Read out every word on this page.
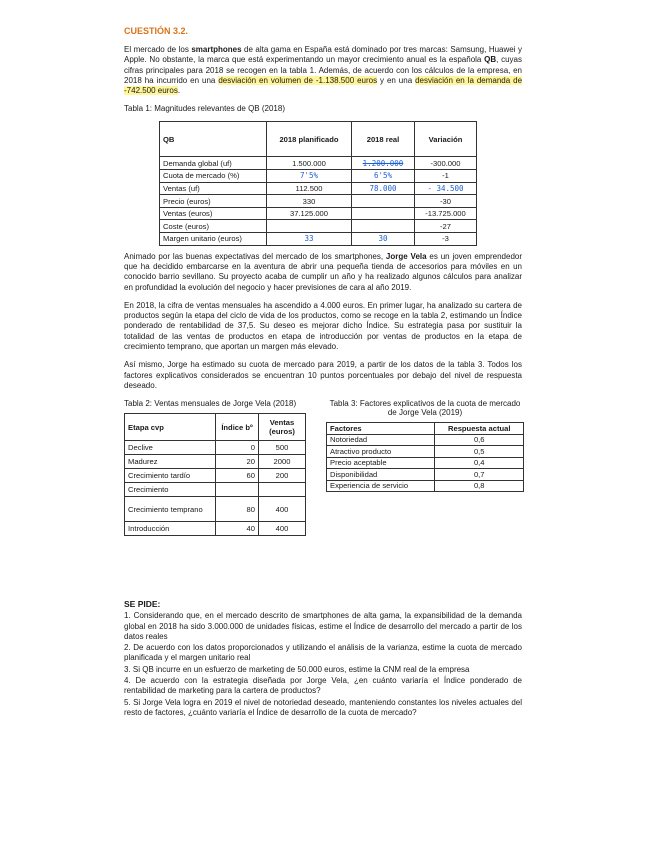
CUESTIÓN 3.2.

El mercado de los smartphones de alta gama en España está dominado por tres marcas: Samsung, Huawei y Apple. No obstante, la marca que está experimentando un mayor crecimiento anual es la española QB, cuyas cifras principales para 2018 se recogen en la tabla 1. Además, de acuerdo con los cálculos de la empresa, en 2018 ha incurrido en una desviación en volumen de -1.138.500 euros y en una desviación en la demanda de -742.500 euros.

Tabla 1: Magnitudes relevantes de QB (2018)
QB	2018 planificado	2018 real	Variación
Demanda global (uf)	1.500.000	1.200.000	-300.000
Cuota de mercado (%)	7'5%	6'5%	-1
Ventas (uf)	112.500	78.000	- 34.500
Precio (euros)	330		-30
Ventas (euros)	37.125.000		-13.725.000
Coste (euros)			-27
Margen unitario (euros)	33	30	-3

Animado por las buenas expectativas del mercado de los smartphones, Jorge Vela es un joven emprendedor que ha decidido embarcarse en la aventura de abrir una pequeña tienda de accesorios para móviles en un conocido barrio sevillano. Su proyecto acaba de cumplir un año y ha realizado algunos cálculos para analizar en profundidad la evolución del negocio y hacer previsiones de cara al año 2019.

En 2018, la cifra de ventas mensuales ha ascendido a 4.000 euros. En primer lugar, ha analizado su cartera de productos según la etapa del ciclo de vida de los productos, como se recoge en la tabla 2, estimando un Índice ponderado de rentabilidad de 37,5. Su deseo es mejorar dicho Índice. Su estrategia pasa por sustituir la totalidad de las ventas de productos en etapa de introducción por ventas de productos en la etapa de crecimiento temprano, que aportan un margen más elevado.

Así mismo, Jorge ha estimado su cuota de mercado para 2019, a partir de los datos de la tabla 3. Todos los factores explicativos considerados se encuentran 10 puntos porcentuales por debajo del nivel de respuesta deseado.

Tabla 2: Ventas mensuales de Jorge Vela (2018)
Etapa cvp	Índice bº	Ventas (euros)
Declive	0	500
Madurez	20	2000
Crecimiento tardío	60	200
Crecimiento		
Crecimiento temprano	80	400
Introducción	40	400
Tabla 3: Factores explicativos de la cuota de mercado de Jorge Vela (2019)
Factores	Respuesta actual
Notoriedad	0,6
Atractivo producto	0,5
Precio aceptable	0,4
Disponibilidad	0,7
Experiencia de servicio	0,8
SE PIDE:

1. Considerando que, en el mercado descrito de smartphones de alta gama, la expansibilidad de la demanda global en 2018 ha sido 3.000.000 de unidades físicas, estime el Índice de desarrollo del mercado a partir de los datos reales

2. De acuerdo con los datos proporcionados y utilizando el análisis de la varianza, estime la cuota de mercado planificada y el margen unitario real

3. Si QB incurre en un esfuerzo de marketing de 50.000 euros, estime la CNM real de la empresa

4. De acuerdo con la estrategia diseñada por Jorge Vela, ¿en cuánto variaría el Índice ponderado de rentabilidad de marketing para la cartera de productos?

5. Si Jorge Vela logra en 2019 el nivel de notoriedad deseado, manteniendo constantes los niveles actuales del resto de factores, ¿cuánto variaría el Índice de desarrollo de la cuota de mercado?
